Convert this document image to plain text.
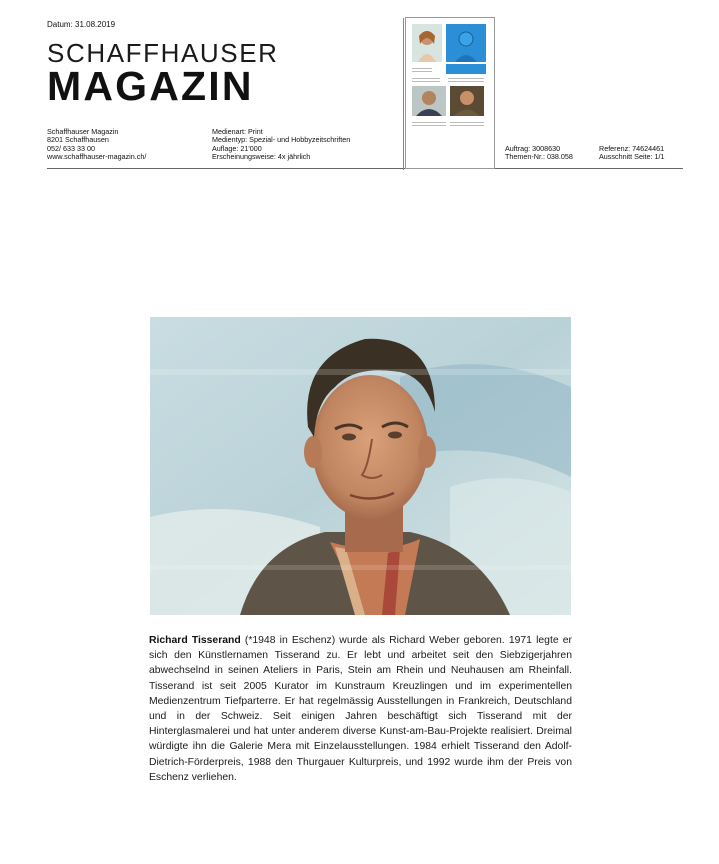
Datum: 31.08.2019
SCHAFFHAUSER
MAGAZIN
Schaffhauser Magazin
8201 Schaffhausen
052/ 633 33 00
www.schaffhauser-magazin.ch/
Medienart: Print
Medientyp: Spezial- und Hobbyzeitschriften
Auflage: 21'000
Erscheinungsweise: 4x jährlich
Auftrag: 3008630
Themen-Nr.: 038.058
Referenz: 74624461
Ausschnitt Seite: 1/1
Richard Tisserand (*1948 in Eschenz) wurde als Richard Weber geboren. 1971 legte er sich den Künstlernamen Tisserand zu. Er lebt und arbeitet seit den Siebzigerjahren abwechselnd in seinen Ateliers in Paris, Stein am Rhein und Neuhausen am Rheinfall. Tisserand ist seit 2005 Kurator im Kunstraum Kreuzlingen und im experimentellen Medienzentrum Tiefparterre. Er hat regelmässig Ausstellungen in Frankreich, Deutschland und in der Schweiz. Seit einigen Jahren beschäftigt sich Tisserand mit der Hinterglasmalerei und hat unter anderem diverse Kunst-am-Bau-Projekte realisiert. Dreimal würdigte ihn die Galerie Mera mit Einzelausstellungen. 1984 erhielt Tisserand den Adolf-Dietrich-Förderpreis, 1988 den Thurgauer Kulturpreis, und 1992 wurde ihm der Preis von Eschenz verliehen.
